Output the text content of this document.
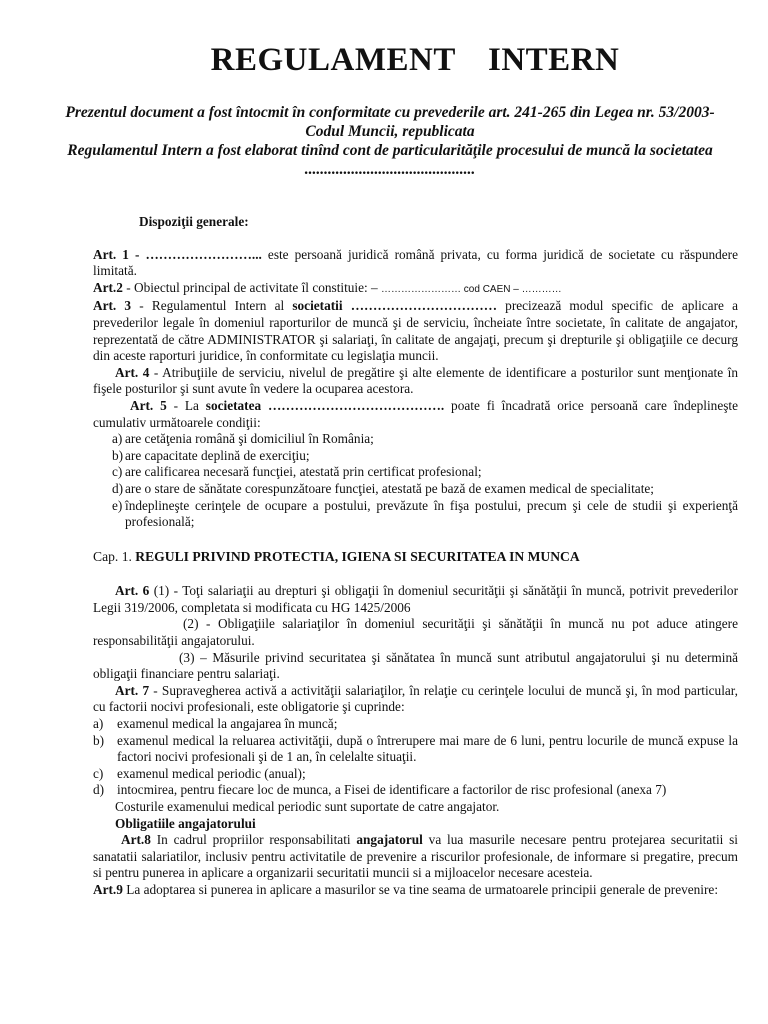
REGULAMENT INTERN

Prezentul document a fost întocmit în conformitate cu prevederile art. 241-265 din Legea nr. 53/2003-Codul Muncii, republicata

Regulamentul Intern a fost elaborat tinînd cont de particularităţile procesului de muncă la societatea ............................................

Dispoziţii generale:

Art. 1 - ……………………... este persoană juridică română privata, cu forma juridică de societate cu răspundere limitată.

Art.2 - Obiectul principal de activitate îl constituie: – …………………… cod CAEN – …………

Art. 3 - Regulamentul Intern al societatii …………………………… precizează modul specific de aplicare a prevederilor legale în domeniul raporturilor de muncă şi de serviciu, încheiate între societate, în calitate de angajator, reprezentată de către ADMINISTRATOR şi salariaţi, în calitate de angajaţi, precum şi drepturile şi obligaţiile ce decurg din aceste raporturi juridice, în conformitate cu legislaţia muncii.

Art. 4 - Atribuţiile de serviciu, nivelul de pregătire şi alte elemente de identificare a posturilor sunt menţionate în fişele posturilor şi sunt avute în vedere la ocuparea acestora.

Art. 5 - La societatea …………………………………. poate fi încadrată orice persoană care îndeplineşte cumulativ următoarele condiţii:

a) are cetăţenia română şi domiciliul în România;
b) are capacitate deplină de exerciţiu;
c) are calificarea necesară funcţiei, atestată prin certificat profesional;
d) are o stare de sănătate corespunzătoare funcţiei, atestată pe bază de examen medical de specialitate;
e) îndeplineşte cerinţele de ocupare a postului, prevăzute în fişa postului, precum şi cele de studii şi experienţă profesională;

Cap. 1. REGULI PRIVIND PROTECTIA, IGIENA SI SECURITATEA IN MUNCA

Art. 6 (1) - Toţi salariaţii au drepturi şi obligaţii în domeniul securităţii şi sănătăţii în muncă, potrivit prevederilor Legii 319/2006, completata si modificata cu HG 1425/2006

(2) - Obligaţiile salariaţilor în domeniul securităţii şi sănătăţii în muncă nu pot aduce atingere responsabilităţii angajatorului.

(3) – Măsurile privind securitatea şi sănătatea în muncă sunt atributul angajatorului şi nu determină obligaţii financiare pentru salariaţi.

Art. 7 - Supravegherea activă a activităţii salariaţilor, în relaţie cu cerinţele locului de muncă şi, în mod particular, cu factorii nocivi profesionali, este obligatorie şi cuprinde:

a) examenul medical la angajarea în muncă;
b) examenul medical la reluarea activităţii, după o întrerupere mai mare de 6 luni, pentru locurile de muncă expuse la factori nocivi profesionali şi de 1 an, în celelalte situaţii.
c) examenul medical periodic (anual);
d) intocmirea, pentru fiecare loc de munca, a Fisei de identificare a factorilor de risc profesional (anexa 7)

Costurile examenului medical periodic sunt suportate de catre angajator.

Obligatiile angajatorului

Art.8 In cadrul propriilor responsabilitati angajatorul va lua masurile necesare pentru protejarea securitatii si sanatatii salariatilor, inclusiv pentru activitatile de prevenire a riscurilor profesionale, de informare si pregatire, precum si pentru punerea in aplicare a organizarii securitatii muncii si a mijloacelor necesare acesteia.

Art.9 La adoptarea si punerea in aplicare a masurilor se va tine seama de urmatoarele principii generale de prevenire:
